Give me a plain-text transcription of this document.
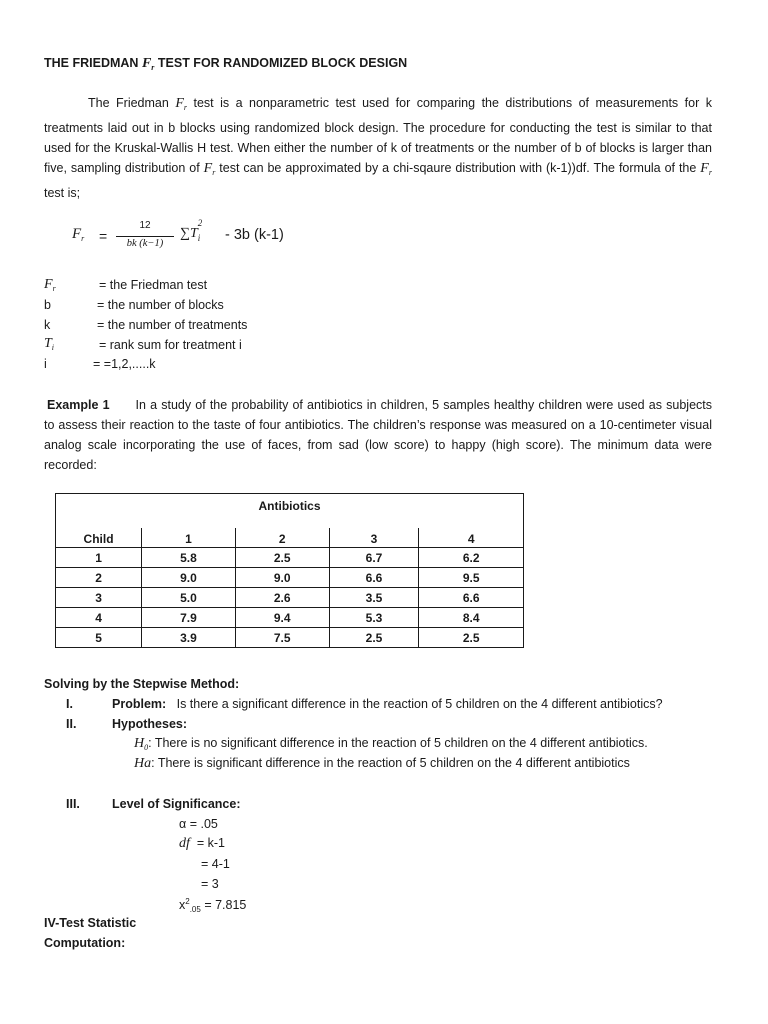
THE FRIEDMAN $F_r$ TEST FOR RANDOMIZED BLOCK DESIGN
The Friedman $F_r$ test is a nonparametric test used for comparing the distributions of measurements for k treatments laid out in b blocks using randomized block design. The procedure for conducting the test is similar to that used for the Kruskal-Wallis H test. When either the number of k of treatments or the number of b of blocks is larger than five, sampling distribution of $F_r$ test can be approximated by a chi-sqaure distribution with (k-1))df. The formula of the $F_r$ test is;
$F_r = \frac{12}{bk (k-1)} \sum T$
2
$_i$ - 3b (k-1)
$F_r$	= the Friedman test
b	= the number of blocks
k	= the number of treatments
$T_i$	= rank sum for treatment i
i	= =1,2,.....k
Example 1 In a study of the probability of antibiotics in children, 5 samples healthy children were used as subjects to assess their reaction to the taste of four antibiotics. The children’s response was measured on a 10-centimeter visual analog scale incorporating the use of faces, from sad (low score) to happy (high score). The minimum data were recorded:
Antibiotics				
Child	1	2	3	4
1	5.8	2.5	6.7	6.2
2	9.0	9.0	6.6	9.5
3	5.0	2.6	3.5	6.6
4	7.9	9.4	5.3	8.4
5	3.9	7.5	2.5	2.5
Solving by the Stepwise Method:
I.	Problem: Is there a significant difference in the reaction of 5 children on the 4 different antibiotics?
II.	Hypotheses:
$H_0$: There is no significant difference in the reaction of 5 children on the 4 different antibiotics.
Ha: There is significant difference in the reaction of 5 children on the 4 different antibiotics
III.	Level of Significance:
α = .05
df = k-1
= 4-1
= 3
$x^2_{.05} = 7.815$
IV-Test Statistic
Computation:
